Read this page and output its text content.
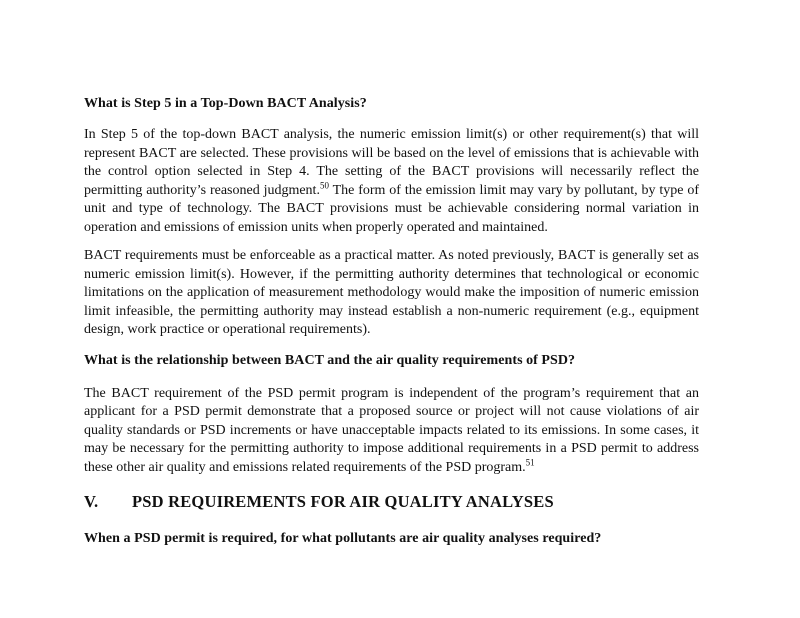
What is Step 5 in a Top-Down BACT Analysis?

In Step 5 of the top-down BACT analysis, the numeric emission limit(s) or other requirement(s) that will represent BACT are selected. These provisions will be based on the level of emissions that is achievable with the control option selected in Step 4. The setting of the BACT provisions will necessarily reflect the permitting authority’s reasoned judgment.$^{50}$ The form of the emission limit may vary by pollutant, by type of unit and type of technology. The BACT provisions must be achievable considering normal variation in operation and emissions of emission units when properly operated and maintained.

BACT requirements must be enforceable as a practical matter. As noted previously, BACT is generally set as numeric emission limit(s). However, if the permitting authority determines that technological or economic limitations on the application of measurement methodology would make the imposition of numeric emission limit infeasible, the permitting authority may instead establish a non-numeric requirement (e.g., equipment design, work practice or operational requirements).

What is the relationship between BACT and the air quality requirements of PSD?

The BACT requirement of the PSD permit program is independent of the program’s requirement that an applicant for a PSD permit demonstrate that a proposed source or project will not cause violations of air quality standards or PSD increments or have unacceptable impacts related to its emissions. In some cases, it may be necessary for the permitting authority to impose additional requirements in a PSD permit to address these other air quality and emissions related requirements of the PSD program.$^{51}$

V.	PSD REQUIREMENTS FOR AIR QUALITY ANALYSES

When a PSD permit is required, for what pollutants are air quality analyses required?
